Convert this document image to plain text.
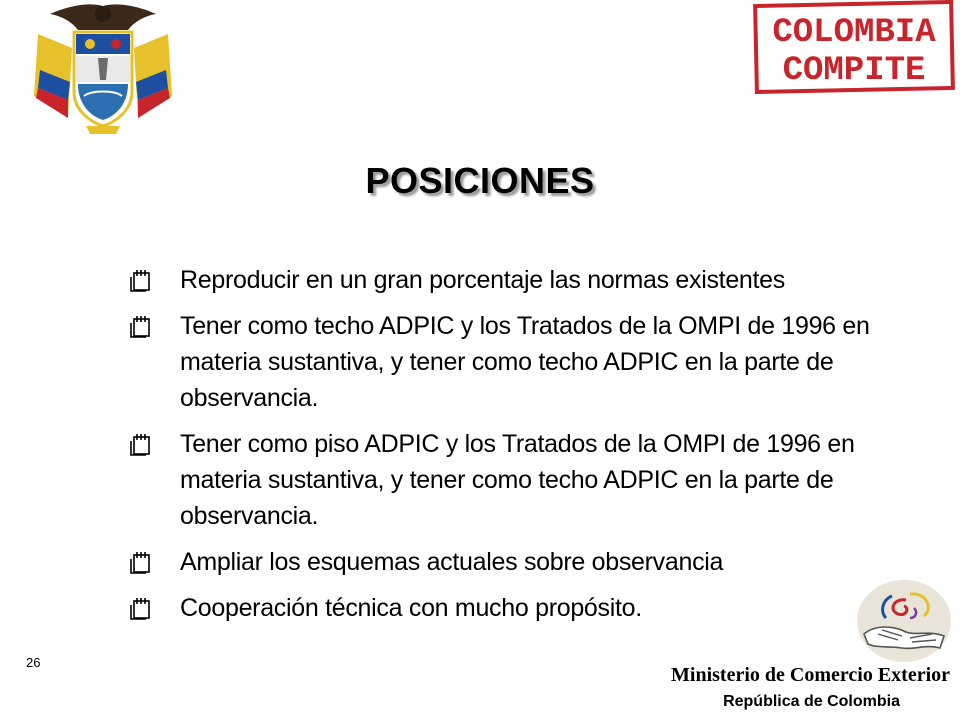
COLOMBIA
COMPITE
POSICIONES
Reproducir en un gran porcentaje las normas existentes
Tener como techo ADPIC y los Tratados de la OMPI de 1996 en materia sustantiva, y tener como techo ADPIC en la parte de observancia.
Tener como piso ADPIC y los Tratados de la OMPI de 1996 en materia sustantiva, y tener como techo ADPIC en la parte de observancia.
Ampliar los esquemas actuales sobre observancia
Cooperación técnica con mucho propósito.
26
Ministerio de Comercio Exterior
República de Colombia
